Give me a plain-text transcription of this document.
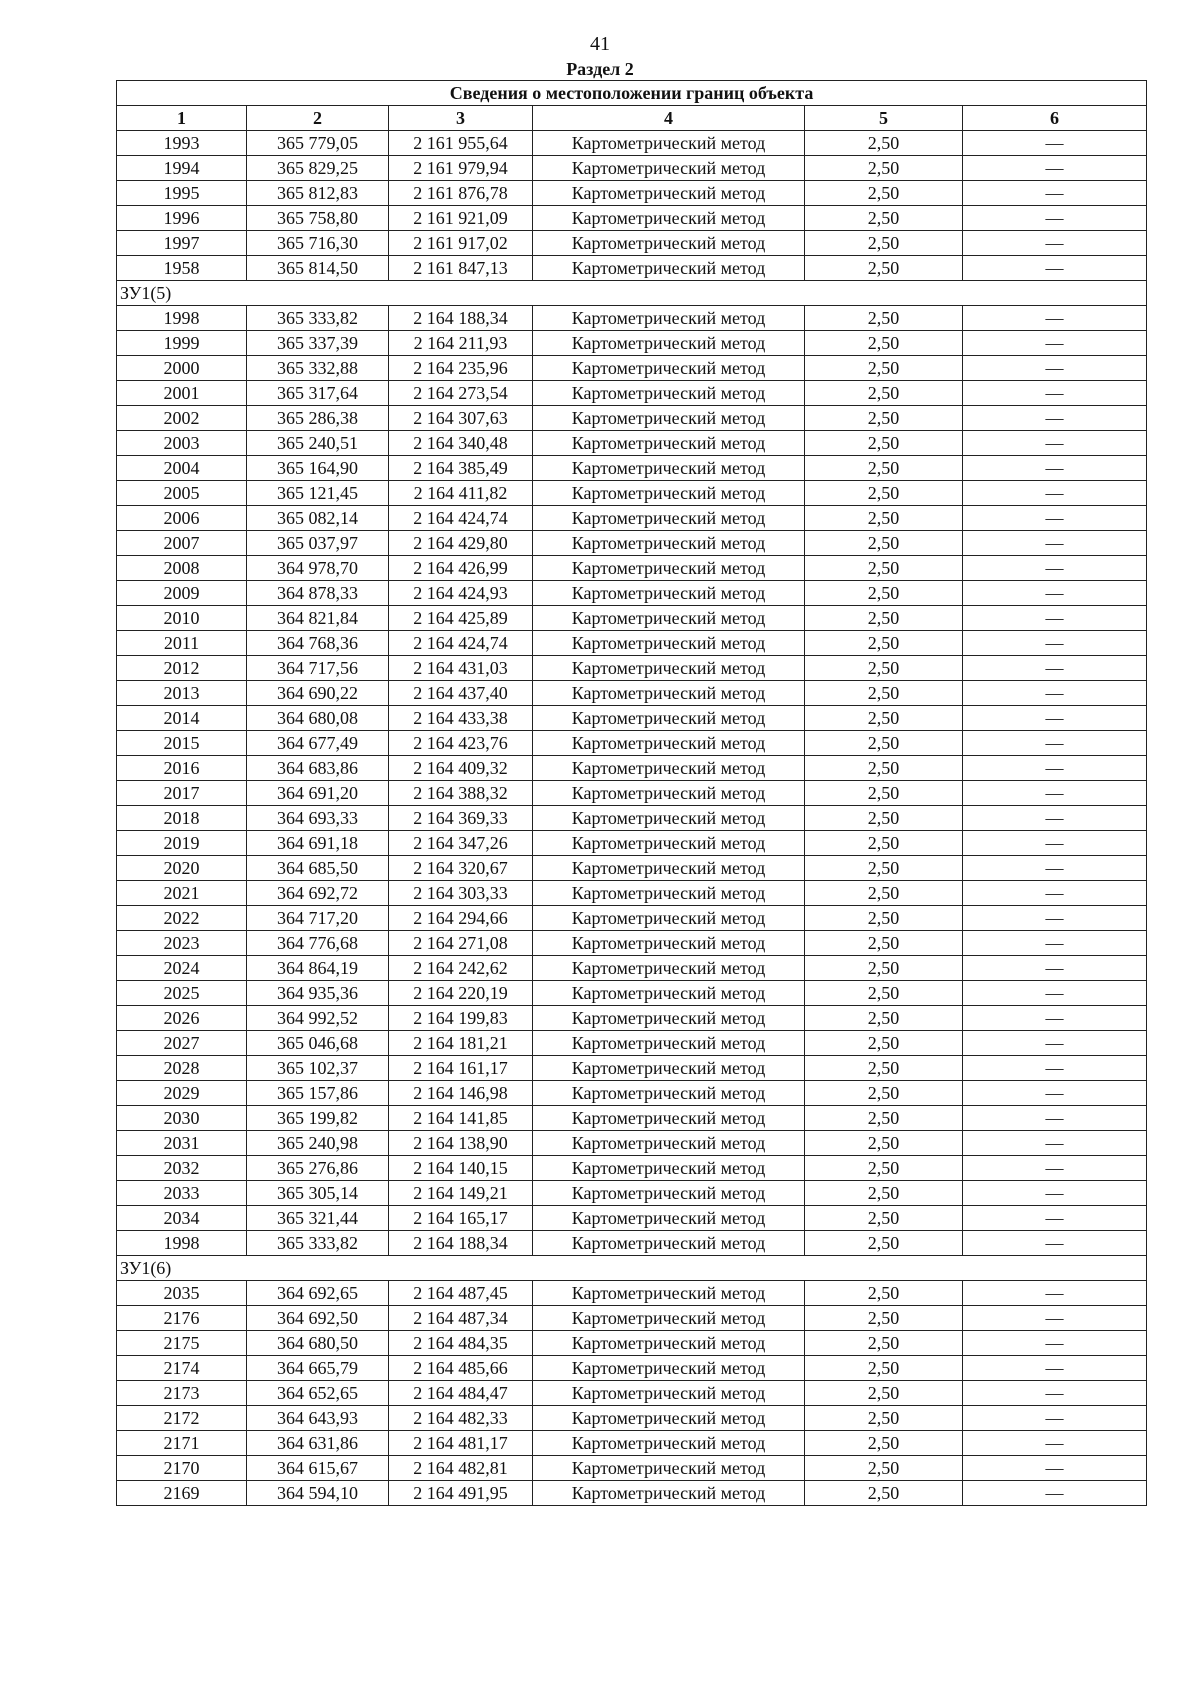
41
Раздел 2
Сведения о местоположении границ объекта					
1	2	3	4	5	6
1993	365 779,05	2 161 955,64	Картометрический метод	2,50	—
1994	365 829,25	2 161 979,94	Картометрический метод	2,50	—
1995	365 812,83	2 161 876,78	Картометрический метод	2,50	—
1996	365 758,80	2 161 921,09	Картометрический метод	2,50	—
1997	365 716,30	2 161 917,02	Картометрический метод	2,50	—
1958	365 814,50	2 161 847,13	Картометрический метод	2,50	—
ЗУ1(5)					
1998	365 333,82	2 164 188,34	Картометрический метод	2,50	—
1999	365 337,39	2 164 211,93	Картометрический метод	2,50	—
2000	365 332,88	2 164 235,96	Картометрический метод	2,50	—
2001	365 317,64	2 164 273,54	Картометрический метод	2,50	—
2002	365 286,38	2 164 307,63	Картометрический метод	2,50	—
2003	365 240,51	2 164 340,48	Картометрический метод	2,50	—
2004	365 164,90	2 164 385,49	Картометрический метод	2,50	—
2005	365 121,45	2 164 411,82	Картометрический метод	2,50	—
2006	365 082,14	2 164 424,74	Картометрический метод	2,50	—
2007	365 037,97	2 164 429,80	Картометрический метод	2,50	—
2008	364 978,70	2 164 426,99	Картометрический метод	2,50	—
2009	364 878,33	2 164 424,93	Картометрический метод	2,50	—
2010	364 821,84	2 164 425,89	Картометрический метод	2,50	—
2011	364 768,36	2 164 424,74	Картометрический метод	2,50	—
2012	364 717,56	2 164 431,03	Картометрический метод	2,50	—
2013	364 690,22	2 164 437,40	Картометрический метод	2,50	—
2014	364 680,08	2 164 433,38	Картометрический метод	2,50	—
2015	364 677,49	2 164 423,76	Картометрический метод	2,50	—
2016	364 683,86	2 164 409,32	Картометрический метод	2,50	—
2017	364 691,20	2 164 388,32	Картометрический метод	2,50	—
2018	364 693,33	2 164 369,33	Картометрический метод	2,50	—
2019	364 691,18	2 164 347,26	Картометрический метод	2,50	—
2020	364 685,50	2 164 320,67	Картометрический метод	2,50	—
2021	364 692,72	2 164 303,33	Картометрический метод	2,50	—
2022	364 717,20	2 164 294,66	Картометрический метод	2,50	—
2023	364 776,68	2 164 271,08	Картометрический метод	2,50	—
2024	364 864,19	2 164 242,62	Картометрический метод	2,50	—
2025	364 935,36	2 164 220,19	Картометрический метод	2,50	—
2026	364 992,52	2 164 199,83	Картометрический метод	2,50	—
2027	365 046,68	2 164 181,21	Картометрический метод	2,50	—
2028	365 102,37	2 164 161,17	Картометрический метод	2,50	—
2029	365 157,86	2 164 146,98	Картометрический метод	2,50	—
2030	365 199,82	2 164 141,85	Картометрический метод	2,50	—
2031	365 240,98	2 164 138,90	Картометрический метод	2,50	—
2032	365 276,86	2 164 140,15	Картометрический метод	2,50	—
2033	365 305,14	2 164 149,21	Картометрический метод	2,50	—
2034	365 321,44	2 164 165,17	Картометрический метод	2,50	—
1998	365 333,82	2 164 188,34	Картометрический метод	2,50	—
ЗУ1(6)					
2035	364 692,65	2 164 487,45	Картометрический метод	2,50	—
2176	364 692,50	2 164 487,34	Картометрический метод	2,50	—
2175	364 680,50	2 164 484,35	Картометрический метод	2,50	—
2174	364 665,79	2 164 485,66	Картометрический метод	2,50	—
2173	364 652,65	2 164 484,47	Картометрический метод	2,50	—
2172	364 643,93	2 164 482,33	Картометрический метод	2,50	—
2171	364 631,86	2 164 481,17	Картометрический метод	2,50	—
2170	364 615,67	2 164 482,81	Картометрический метод	2,50	—
2169	364 594,10	2 164 491,95	Картометрический метод	2,50	—
